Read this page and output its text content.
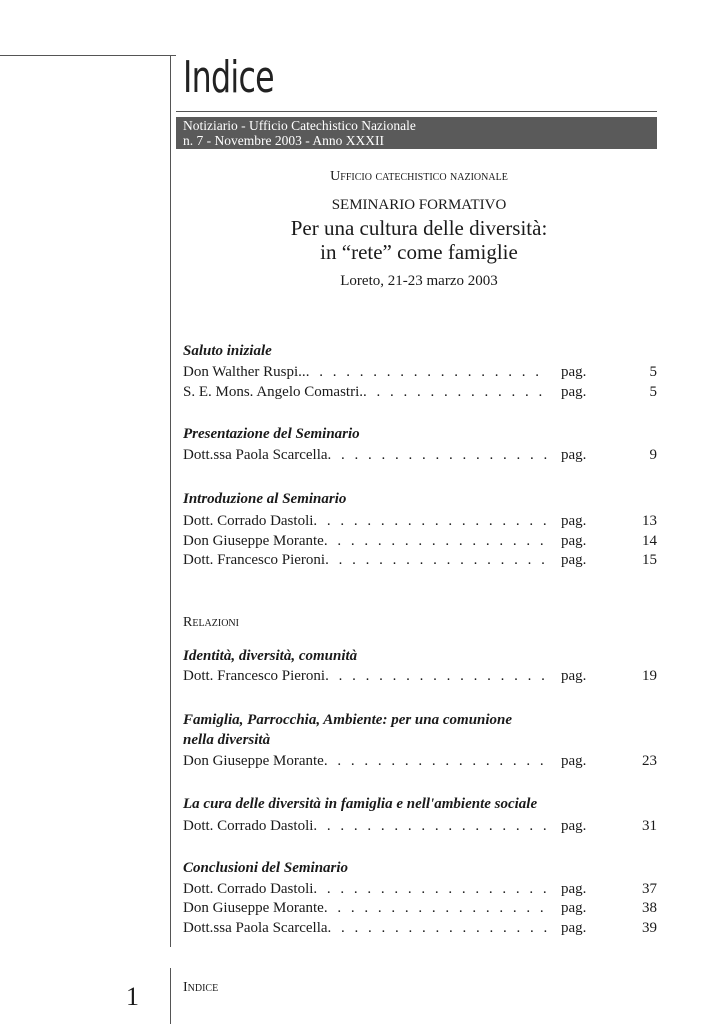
Indice
Notiziario - Ufficio Catechistico Nazionale
n. 7 - Novembre 2003 - Anno XXXII
Ufficio catechistico nazionale
SEMINARIO FORMATIVO
Per una cultura delle diversità:
in “rete” come famiglie
Loreto, 21-23 marzo 2003
Saluto iniziale
Don Walther Ruspi.. . . .	pag.	5
S. E. Mons. Angelo Comastri. . . .	pag.	5
Presentazione del Seminario
Dott.ssa Paola Scarcella . . .	pag.	9
Introduzione al Seminario
Dott. Corrado Dastoli . . .	pag.	13
Don Giuseppe Morante . . .	pag.	14
Dott. Francesco Pieroni . . .	pag.	15
Relazioni
Identità, diversità, comunità
Dott. Francesco Pieroni . . .	pag.	19
Famiglia, Parrocchia, Ambiente: per una comunione
nella diversità
Don Giuseppe Morante . . .	pag.	23
La cura delle diversità in famiglia e nell'ambiente sociale
Dott. Corrado Dastoli . . .	pag.	31
Conclusioni del Seminario
Dott. Corrado Dastoli . . .	pag.	37
Don Giuseppe Morante . . .	pag.	38
Dott.ssa Paola Scarcella . . .	pag.	39
1	Indice
